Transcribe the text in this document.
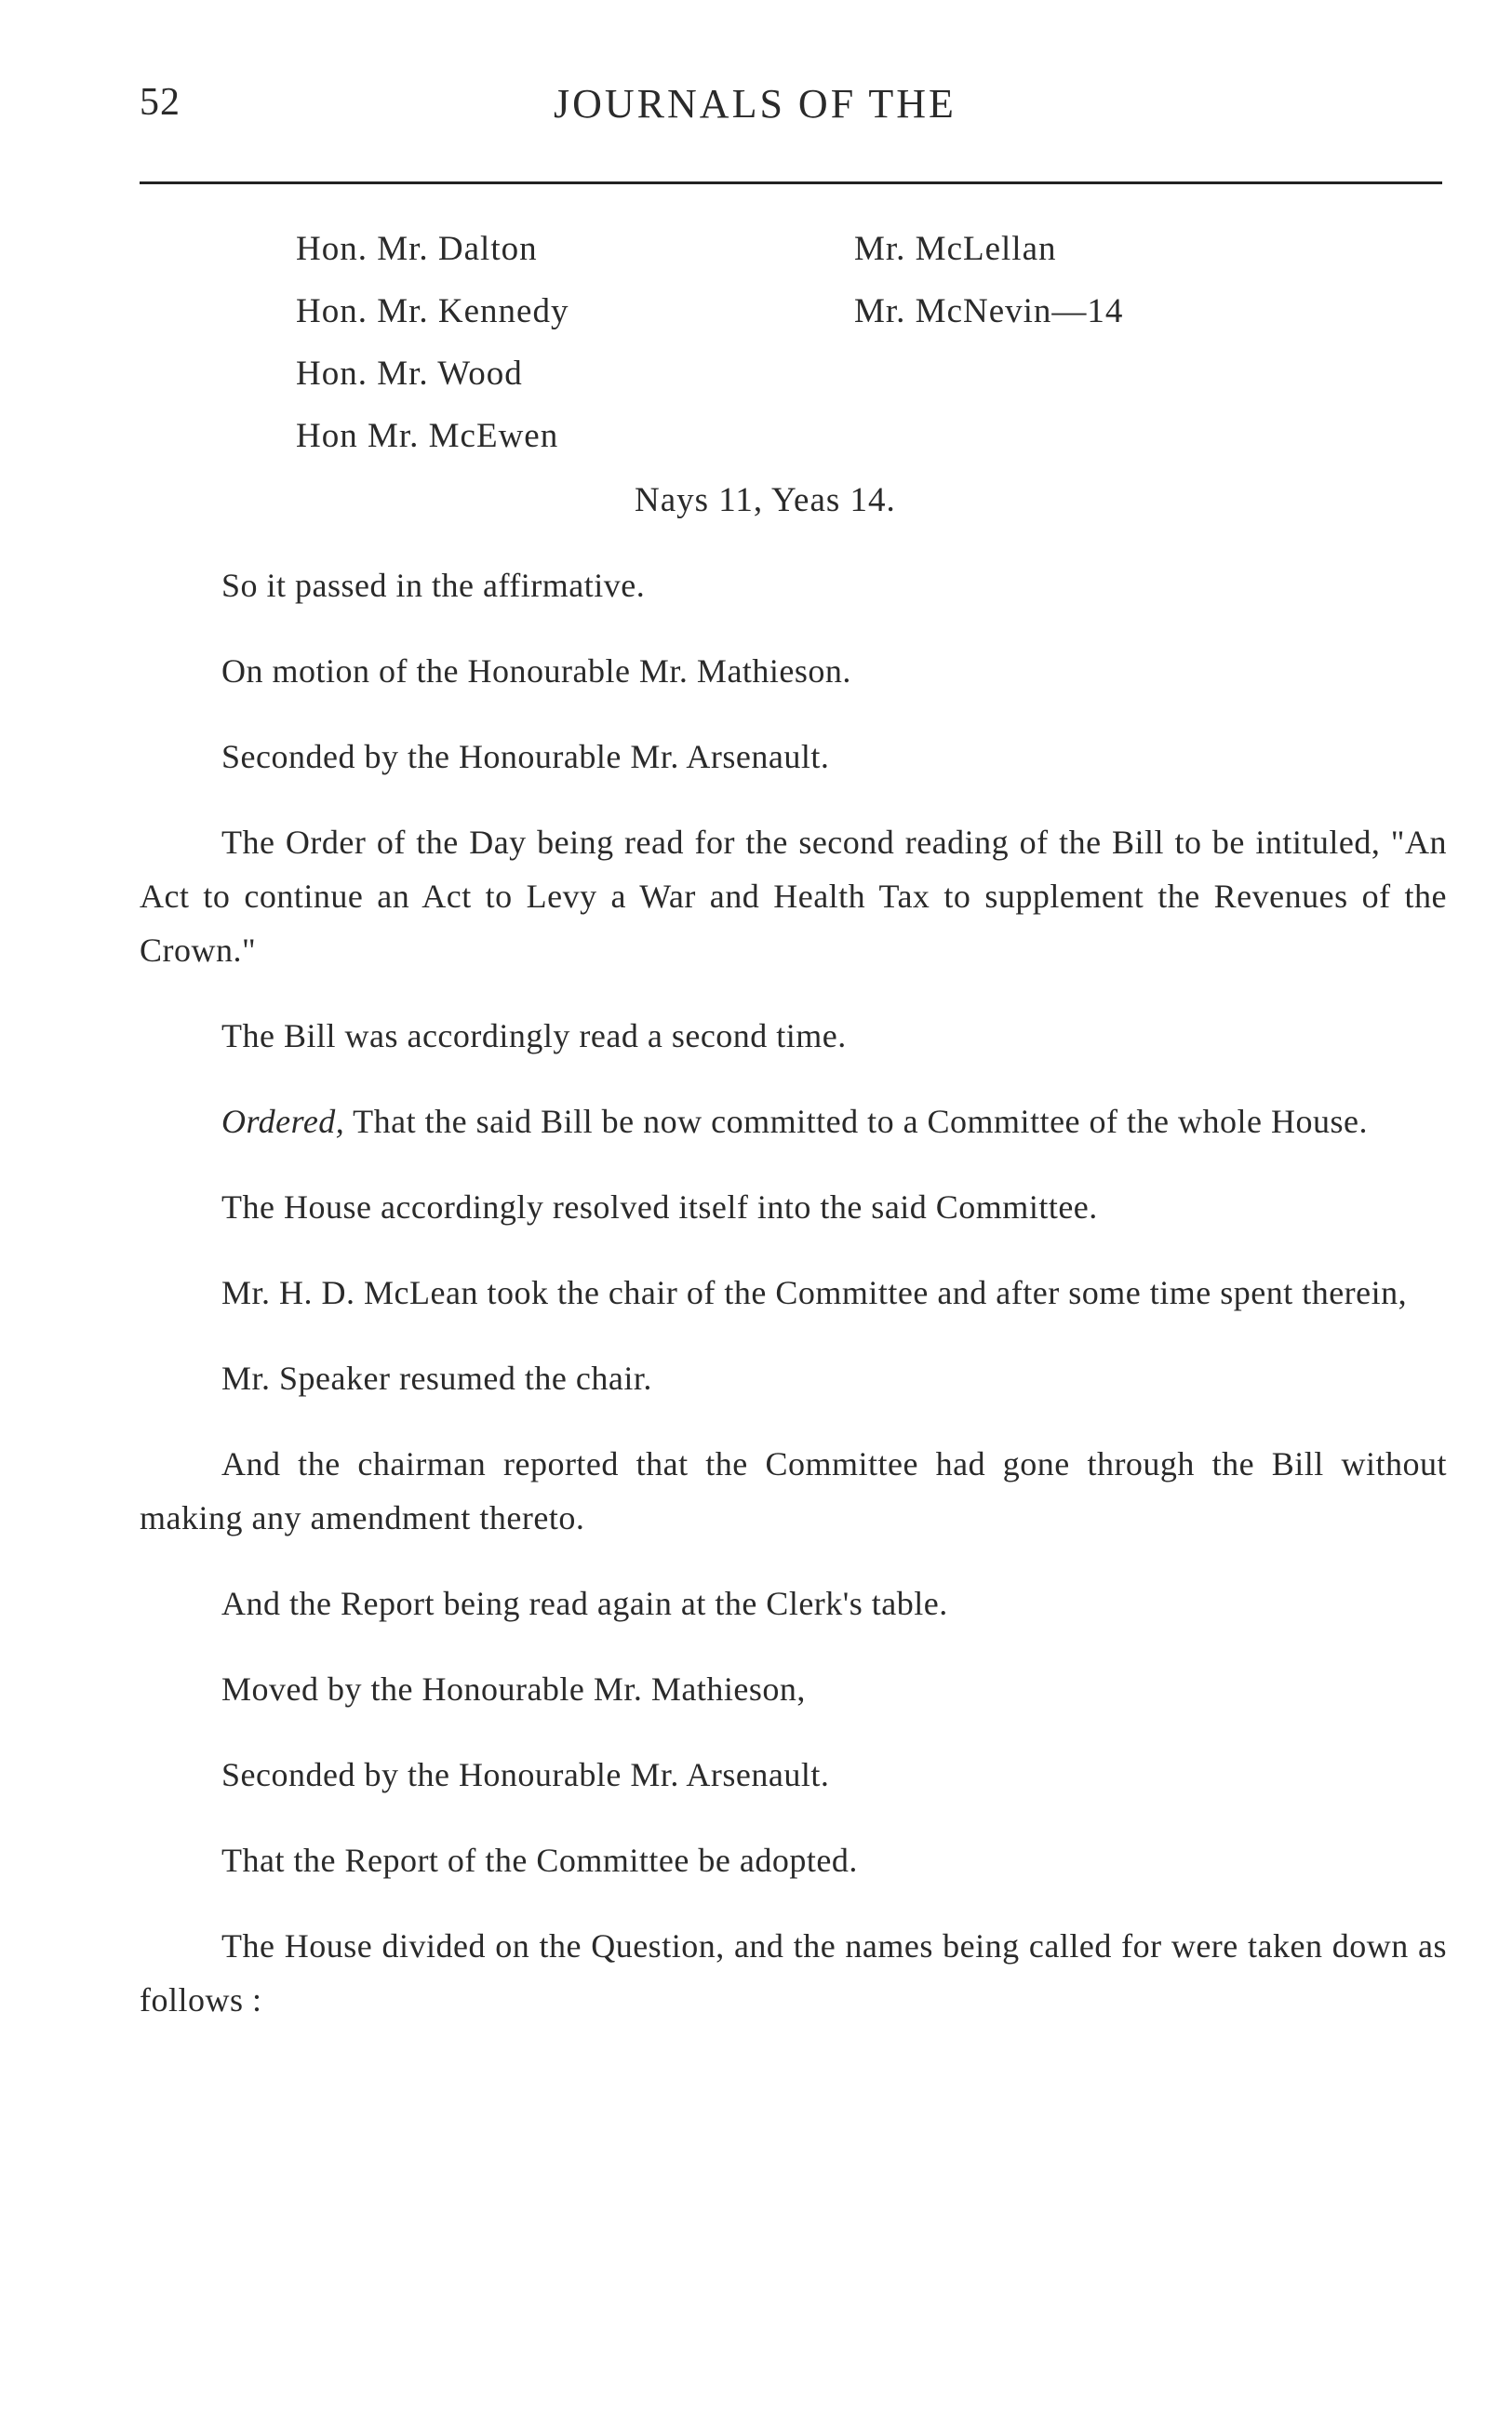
52	JOURNALS OF THE
Hon. Mr. Dalton
Hon. Mr. Kennedy
Hon. Mr. Wood
Hon Mr. McEwen
Mr. McLellan
Mr. McNevin—14
Nays 11, Yeas 14.

So it passed in the affirmative.

On motion of the Honourable Mr. Mathieson.

Seconded by the Honourable Mr. Arsenault.

The Order of the Day being read for the second reading of the Bill to be intituled, "An Act to continue an Act to Levy a War and Health Tax to supplement the Revenues of the Crown."

The Bill was accordingly read a second time.

Ordered, That the said Bill be now committed to a Committee of the whole House.

The House accordingly resolved itself into the said Committee.

Mr. H. D. McLean took the chair of the Committee and after some time spent therein,

Mr. Speaker resumed the chair.

And the chairman reported that the Committee had gone through the Bill without making any amendment thereto.

And the Report being read again at the Clerk's table.

Moved by the Honourable Mr. Mathieson,

Seconded by the Honourable Mr. Arsenault.

That the Report of the Committee be adopted.

The House divided on the Question, and the names being called for were taken down as follows :
